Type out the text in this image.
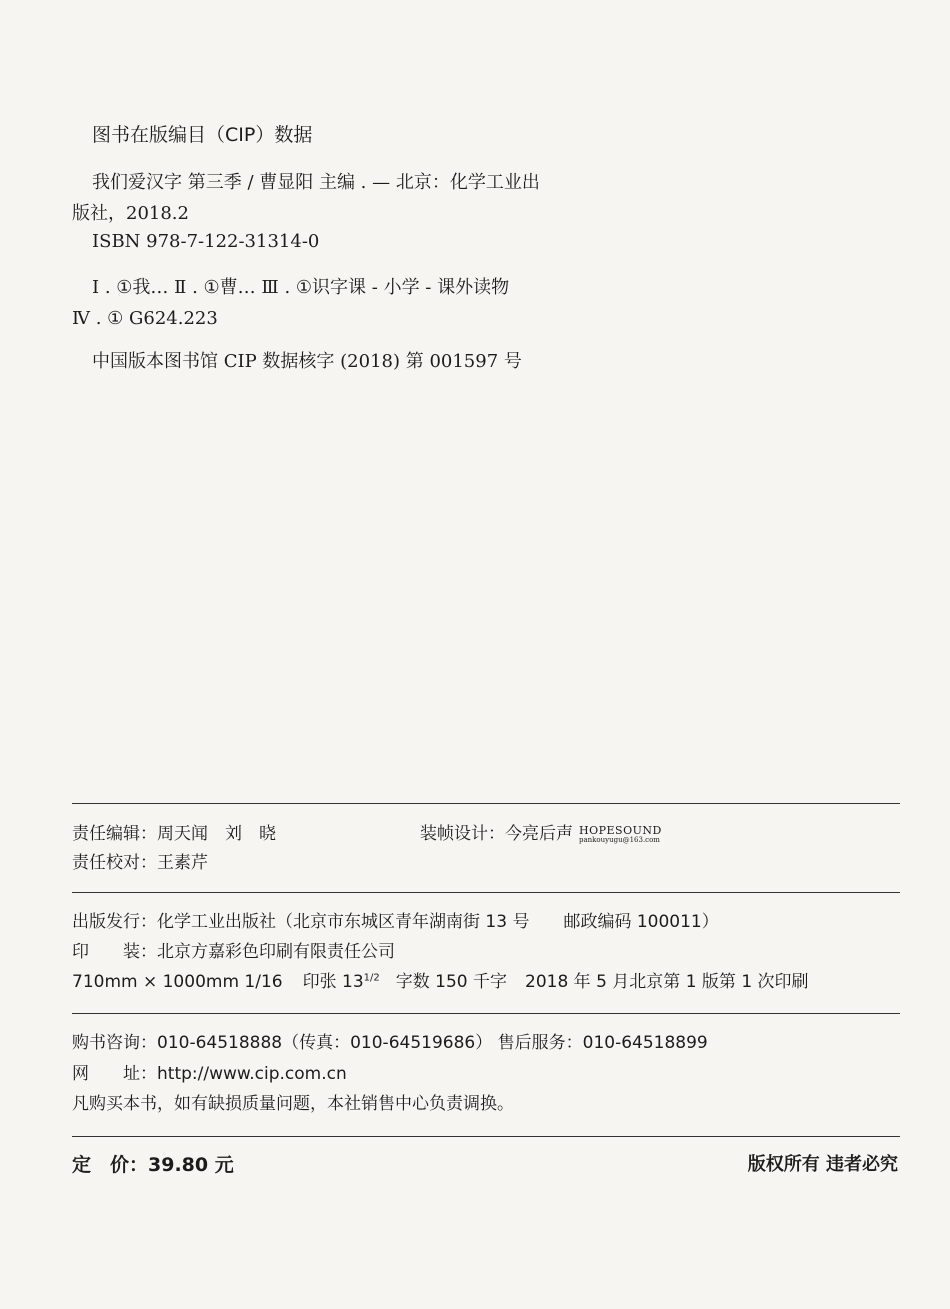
图书在版编目（CIP）数据
我们爱汉字 第三季 / 曹显阳 主编 . — 北京：化学工业出
版社，2018.2
ISBN 978-7-122-31314-0
Ⅰ . ①我… Ⅱ . ①曹… Ⅲ . ①识字课 - 小学 - 课外读物
Ⅳ . ① G624.223
中国版本图书馆 CIP 数据核字 (2018) 第 001597 号
责任编辑：周天闻　刘　晓	装帧设计：今亮后声 HOPESOUND
pankouyugu@163.com
责任校对：王素芹
出版发行：化学工业出版社（北京市东城区青年湖南街 13 号　　邮政编码 100011）
印　　装：北京方嘉彩色印刷有限责任公司
710mm × 1000mm 1/16 印张 $13^{1/2}$ 字数 150 千字 2018 年 5 月北京第 1 版第 1 次印刷
购书咨询：010-64518888（传真：010-64519686） 售后服务：010-64518899
网　　址：http://www.cip.com.cn
凡购买本书，如有缺损质量问题，本社销售中心负责调换。
定　价：39.80 元	版权所有 违者必究
